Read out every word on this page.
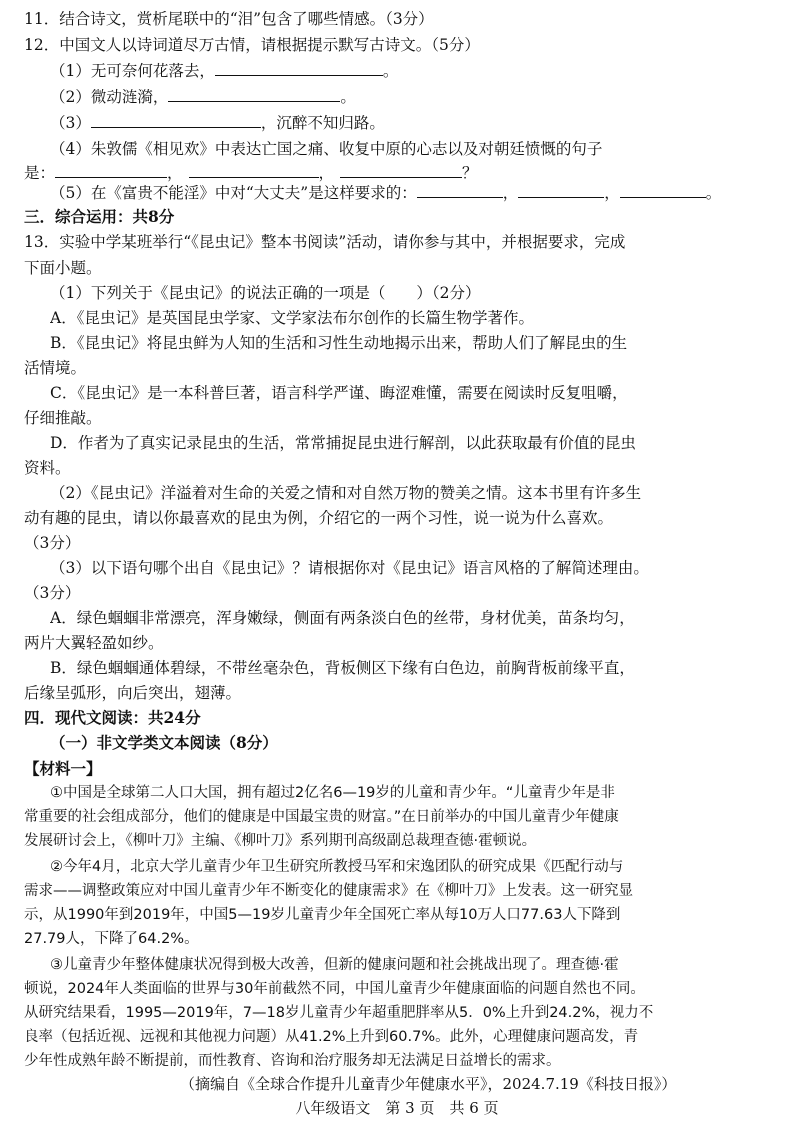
11．结合诗文，赏析尾联中的“泪”包含了哪些情感。（3分）
12．中国文人以诗词道尽万古情，请根据提示默写古诗文。（5分）
（1）无可奈何花落去，	。
（2）微动涟漪，	。
（3）	，沉醉不知归路。
（4）朱敦儒《相见欢》中表达亡国之痛、收复中原的心志以及对朝廷愤慨的句子
是：	，	，	？
（5）在《富贵不能淫》中对“大丈夫”是这样要求的：	，	，	。
三．综合运用：共8分
13．实验中学某班举行“《昆虫记》整本书阅读”活动，请你参与其中，并根据要求，完成
下面小题。
（1）下列关于《昆虫记》的说法正确的一项是（　　）（2分）
A．《昆虫记》是英国昆虫学家、文学家法布尔创作的长篇生物学著作。
B．《昆虫记》将昆虫鲜为人知的生活和习性生动地揭示出来，帮助人们了解昆虫的生
活情境。
C．《昆虫记》是一本科普巨著，语言科学严谨、晦涩难懂，需要在阅读时反复咀嚼，
仔细推敲。
D．作者为了真实记录昆虫的生活，常常捕捉昆虫进行解剖，以此获取最有价值的昆虫
资料。
（2）《昆虫记》洋溢着对生命的关爱之情和对自然万物的赞美之情。这本书里有许多生
动有趣的昆虫，请以你最喜欢的昆虫为例，介绍它的一两个习性，说一说为什么喜欢。
（3分）
（3）以下语句哪个出自《昆虫记》？请根据你对《昆虫记》语言风格的了解简述理由。
（3分）
A．绿色蝈蝈非常漂亮，浑身嫩绿，侧面有两条淡白色的丝带，身材优美，苗条均匀，
两片大翼轻盈如纱。
B．绿色蝈蝈通体碧绿，不带丝毫杂色，背板侧区下缘有白色边，前胸背板前缘平直，
后缘呈弧形，向后突出，翅薄。
四．现代文阅读：共24分
（一）非文学类文本阅读（8分）
【材料一】
①中国是全球第二人口大国，拥有超过2亿名6—19岁的儿童和青少年。“儿童青少年是非
常重要的社会组成部分，他们的健康是中国最宝贵的财富。”在日前举办的中国儿童青少年健康
发展研讨会上，《柳叶刀》主编、《柳叶刀》系列期刊高级副总裁理查德·霍顿说。
②今年4月，北京大学儿童青少年卫生研究所教授马军和宋逸团队的研究成果《匹配行动与
需求——调整政策应对中国儿童青少年不断变化的健康需求》在《柳叶刀》上发表。这一研究显
示，从1990年到2019年，中国5—19岁儿童青少年全国死亡率从每10万人口77.63人下降到
27.79人，下降了64.2%。
③儿童青少年整体健康状况得到极大改善，但新的健康问题和社会挑战出现了。理查德·霍
顿说，2024年人类面临的世界与30年前截然不同，中国儿童青少年健康面临的问题自然也不同。
从研究结果看，1995—2019年，7—18岁儿童青少年超重肥胖率从5．0%上升到24.2%，视力不
良率（包括近视、远视和其他视力问题）从41.2%上升到60.7%。此外，心理健康问题高发，青
少年性成熟年龄不断提前，而性教育、咨询和治疗服务却无法满足日益增长的需求。
（摘编自《全球合作提升儿童青少年健康水平》，2024.7.19《科技日报》）
八年级语文　第 3 页　共 6 页
